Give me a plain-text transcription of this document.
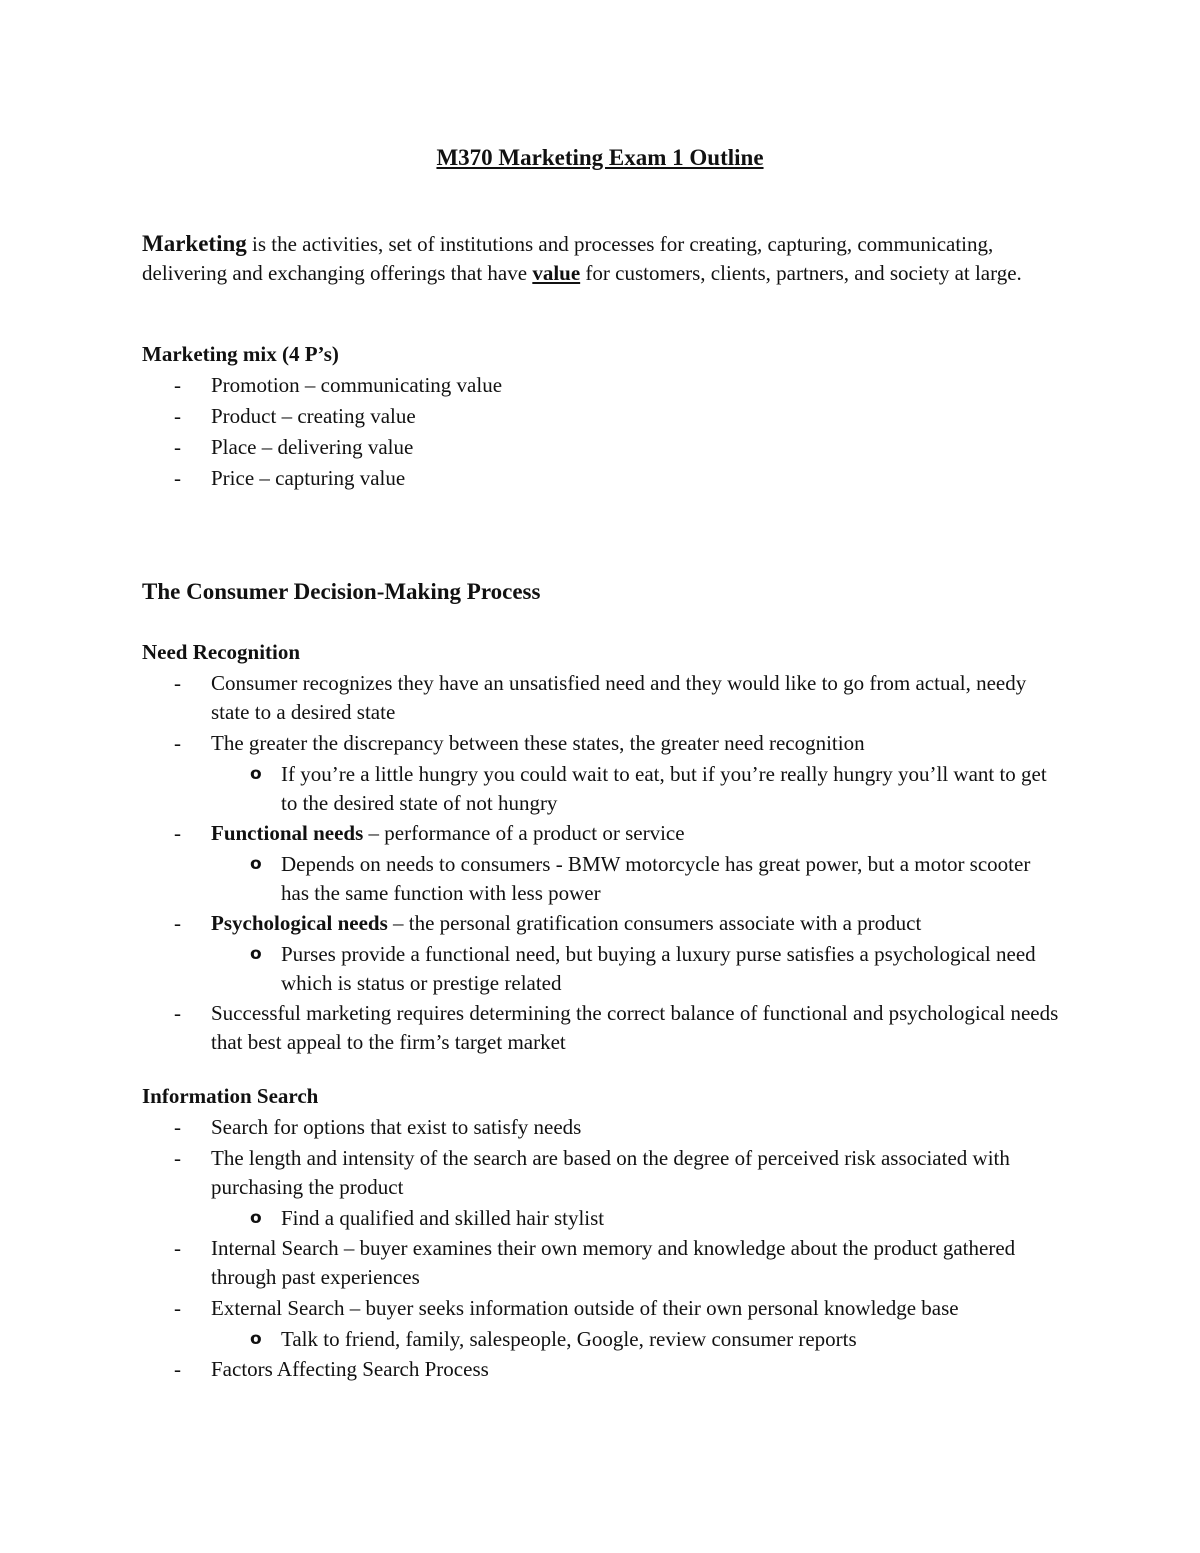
M370 Marketing Exam 1 Outline
Marketing is the activities, set of institutions and processes for creating, capturing, communicating, delivering and exchanging offerings that have value for customers, clients, partners, and society at large.
Marketing mix (4 P’s)
- Promotion – communicating value
- Product – creating value
- Place – delivering value
- Price – capturing value
The Consumer Decision-Making Process
Need Recognition
- Consumer recognizes they have an unsatisfied need and they would like to go from actual, needy state to a desired state
- The greater the discrepancy between these states, the greater need recognition
o If you’re a little hungry you could wait to eat, but if you’re really hungry you’ll want to get to the desired state of not hungry
- Functional needs – performance of a product or service
o Depends on needs to consumers - BMW motorcycle has great power, but a motor scooter has the same function with less power
- Psychological needs – the personal gratification consumers associate with a product
o Purses provide a functional need, but buying a luxury purse satisfies a psychological need which is status or prestige related
- Successful marketing requires determining the correct balance of functional and psychological needs that best appeal to the firm’s target market
Information Search
- Search for options that exist to satisfy needs
- The length and intensity of the search are based on the degree of perceived risk associated with purchasing the product
o Find a qualified and skilled hair stylist
- Internal Search – buyer examines their own memory and knowledge about the product gathered through past experiences
- External Search – buyer seeks information outside of their own personal knowledge base
o Talk to friend, family, salespeople, Google, review consumer reports
- Factors Affecting Search Process
